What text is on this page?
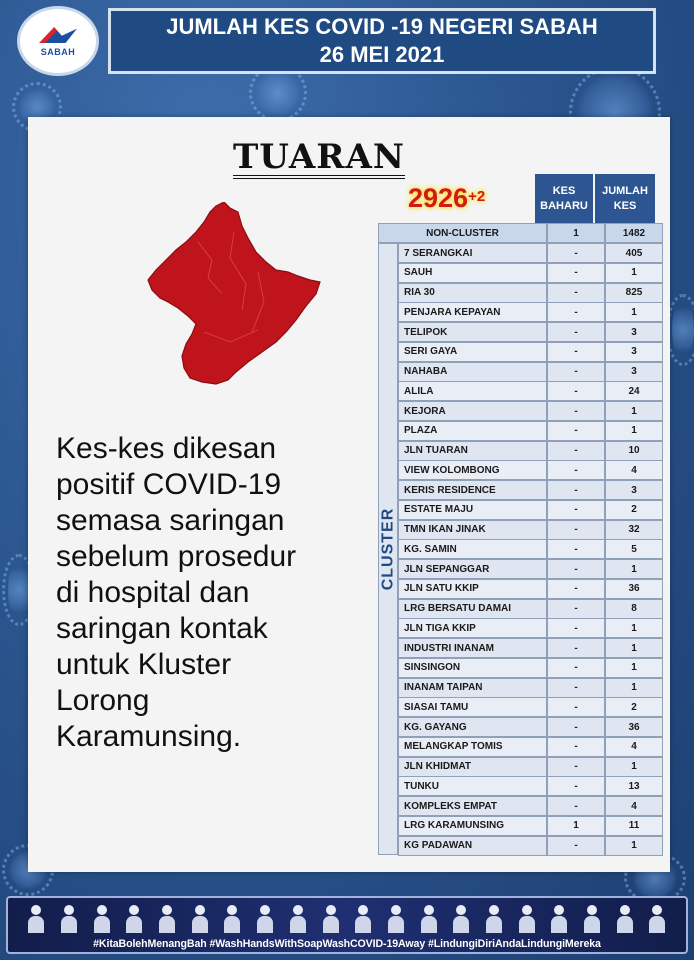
SABAH
JUMLAH KES COVID -19 NEGERI SABAH
26 MEI 2021
TUARAN
$2926^{+2}$
Kes-kes dikesan
positif COVID-19
semasa saringan
sebelum prosedur
di hospital dan
saringan kontak
untuk Kluster
Lorong
Karamunsing.
KES BAHARU
JUMLAH KES
CLUSTER
NON-CLUSTER	1	1482
7 SERANGKAI	-	405
SAUH	-	1
RIA 30	-	825
PENJARA KEPAYAN	-	1
TELIPOK	-	3
SERI GAYA	-	3
NAHABA	-	3
ALILA	-	24
KEJORA	-	1
PLAZA	-	1
JLN TUARAN	-	10
VIEW KOLOMBONG	-	4
KERIS RESIDENCE	-	3
ESTATE MAJU	-	2
TMN IKAN JINAK	-	32
KG. SAMIN	-	5
JLN SEPANGGAR	-	1
JLN SATU KKIP	-	36
LRG BERSATU DAMAI	-	8
JLN TIGA KKIP	-	1
INDUSTRI INANAM	-	1
SINSINGON	-	1
INANAM TAIPAN	-	1
SIASAI TAMU	-	2
KG. GAYANG	-	36
MELANGKAP TOMIS	-	4
JLN KHIDMAT	-	1
TUNKU	-	13
KOMPLEKS EMPAT	-	4
LRG KARAMUNSING	1	11
KG PADAWAN	-	1
#KitaBolehMenangBah #WashHandsWithSoapWashCOVID-19Away #LindungiDiriAndaLindungiMereka
